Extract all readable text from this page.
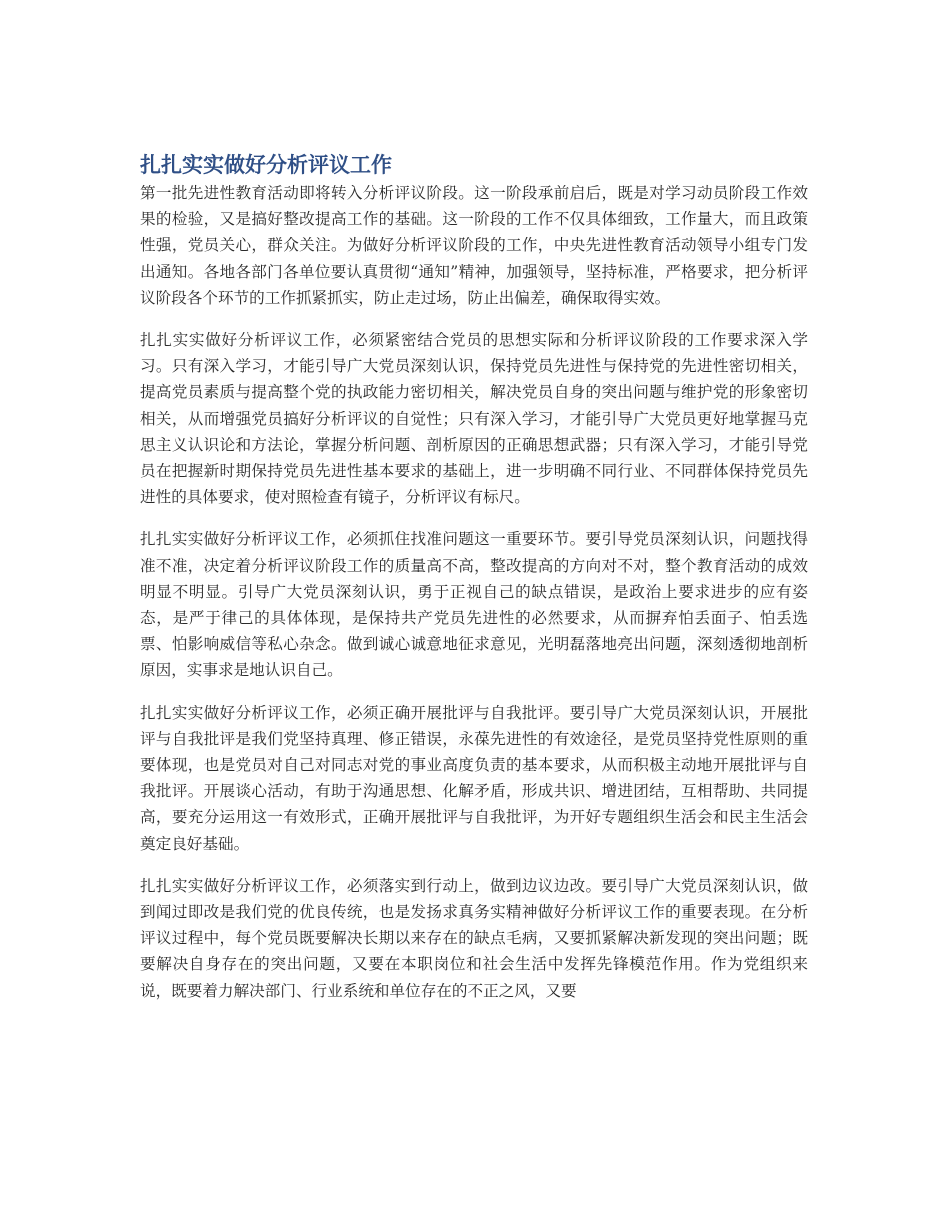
扎扎实实做好分析评议工作

第一批先进性教育活动即将转入分析评议阶段。这一阶段承前启后，既是对学习动员阶段工作效果的检验，又是搞好整改提高工作的基础。这一阶段的工作不仅具体细致，工作量大，而且政策性强，党员关心，群众关注。为做好分析评议阶段的工作，中央先进性教育活动领导小组专门发出通知。各地各部门各单位要认真贯彻“通知”精神，加强领导，坚持标准，严格要求，把分析评议阶段各个环节的工作抓紧抓实，防止走过场，防止出偏差，确保取得实效。

扎扎实实做好分析评议工作，必须紧密结合党员的思想实际和分析评议阶段的工作要求深入学习。只有深入学习，才能引导广大党员深刻认识，保持党员先进性与保持党的先进性密切相关，提高党员素质与提高整个党的执政能力密切相关，解决党员自身的突出问题与维护党的形象密切相关，从而增强党员搞好分析评议的自觉性；只有深入学习，才能引导广大党员更好地掌握马克思主义认识论和方法论，掌握分析问题、剖析原因的正确思想武器；只有深入学习，才能引导党员在把握新时期保持党员先进性基本要求的基础上，进一步明确不同行业、不同群体保持党员先进性的具体要求，使对照检查有镜子，分析评议有标尺。

扎扎实实做好分析评议工作，必须抓住找准问题这一重要环节。要引导党员深刻认识，问题找得准不准，决定着分析评议阶段工作的质量高不高，整改提高的方向对不对，整个教育活动的成效明显不明显。引导广大党员深刻认识，勇于正视自己的缺点错误，是政治上要求进步的应有姿态，是严于律己的具体体现，是保持共产党员先进性的必然要求，从而摒弃怕丢面子、怕丢选票、怕影响威信等私心杂念。做到诚心诚意地征求意见，光明磊落地亮出问题，深刻透彻地剖析原因，实事求是地认识自己。

扎扎实实做好分析评议工作，必须正确开展批评与自我批评。要引导广大党员深刻认识，开展批评与自我批评是我们党坚持真理、修正错误，永葆先进性的有效途径，是党员坚持党性原则的重要体现，也是党员对自己对同志对党的事业高度负责的基本要求，从而积极主动地开展批评与自我批评。开展谈心活动，有助于沟通思想、化解矛盾，形成共识、增进团结，互相帮助、共同提高，要充分运用这一有效形式，正确开展批评与自我批评，为开好专题组织生活会和民主生活会奠定良好基础。

扎扎实实做好分析评议工作，必须落实到行动上，做到边议边改。要引导广大党员深刻认识，做到闻过即改是我们党的优良传统，也是发扬求真务实精神做好分析评议工作的重要表现。在分析评议过程中，每个党员既要解决长期以来存在的缺点毛病，又要抓紧解决新发现的突出问题；既要解决自身存在的突出问题，又要在本职岗位和社会生活中发挥先锋模范作用。作为党组织来说，既要着力解决部门、行业系统和单位存在的不正之风，又要
